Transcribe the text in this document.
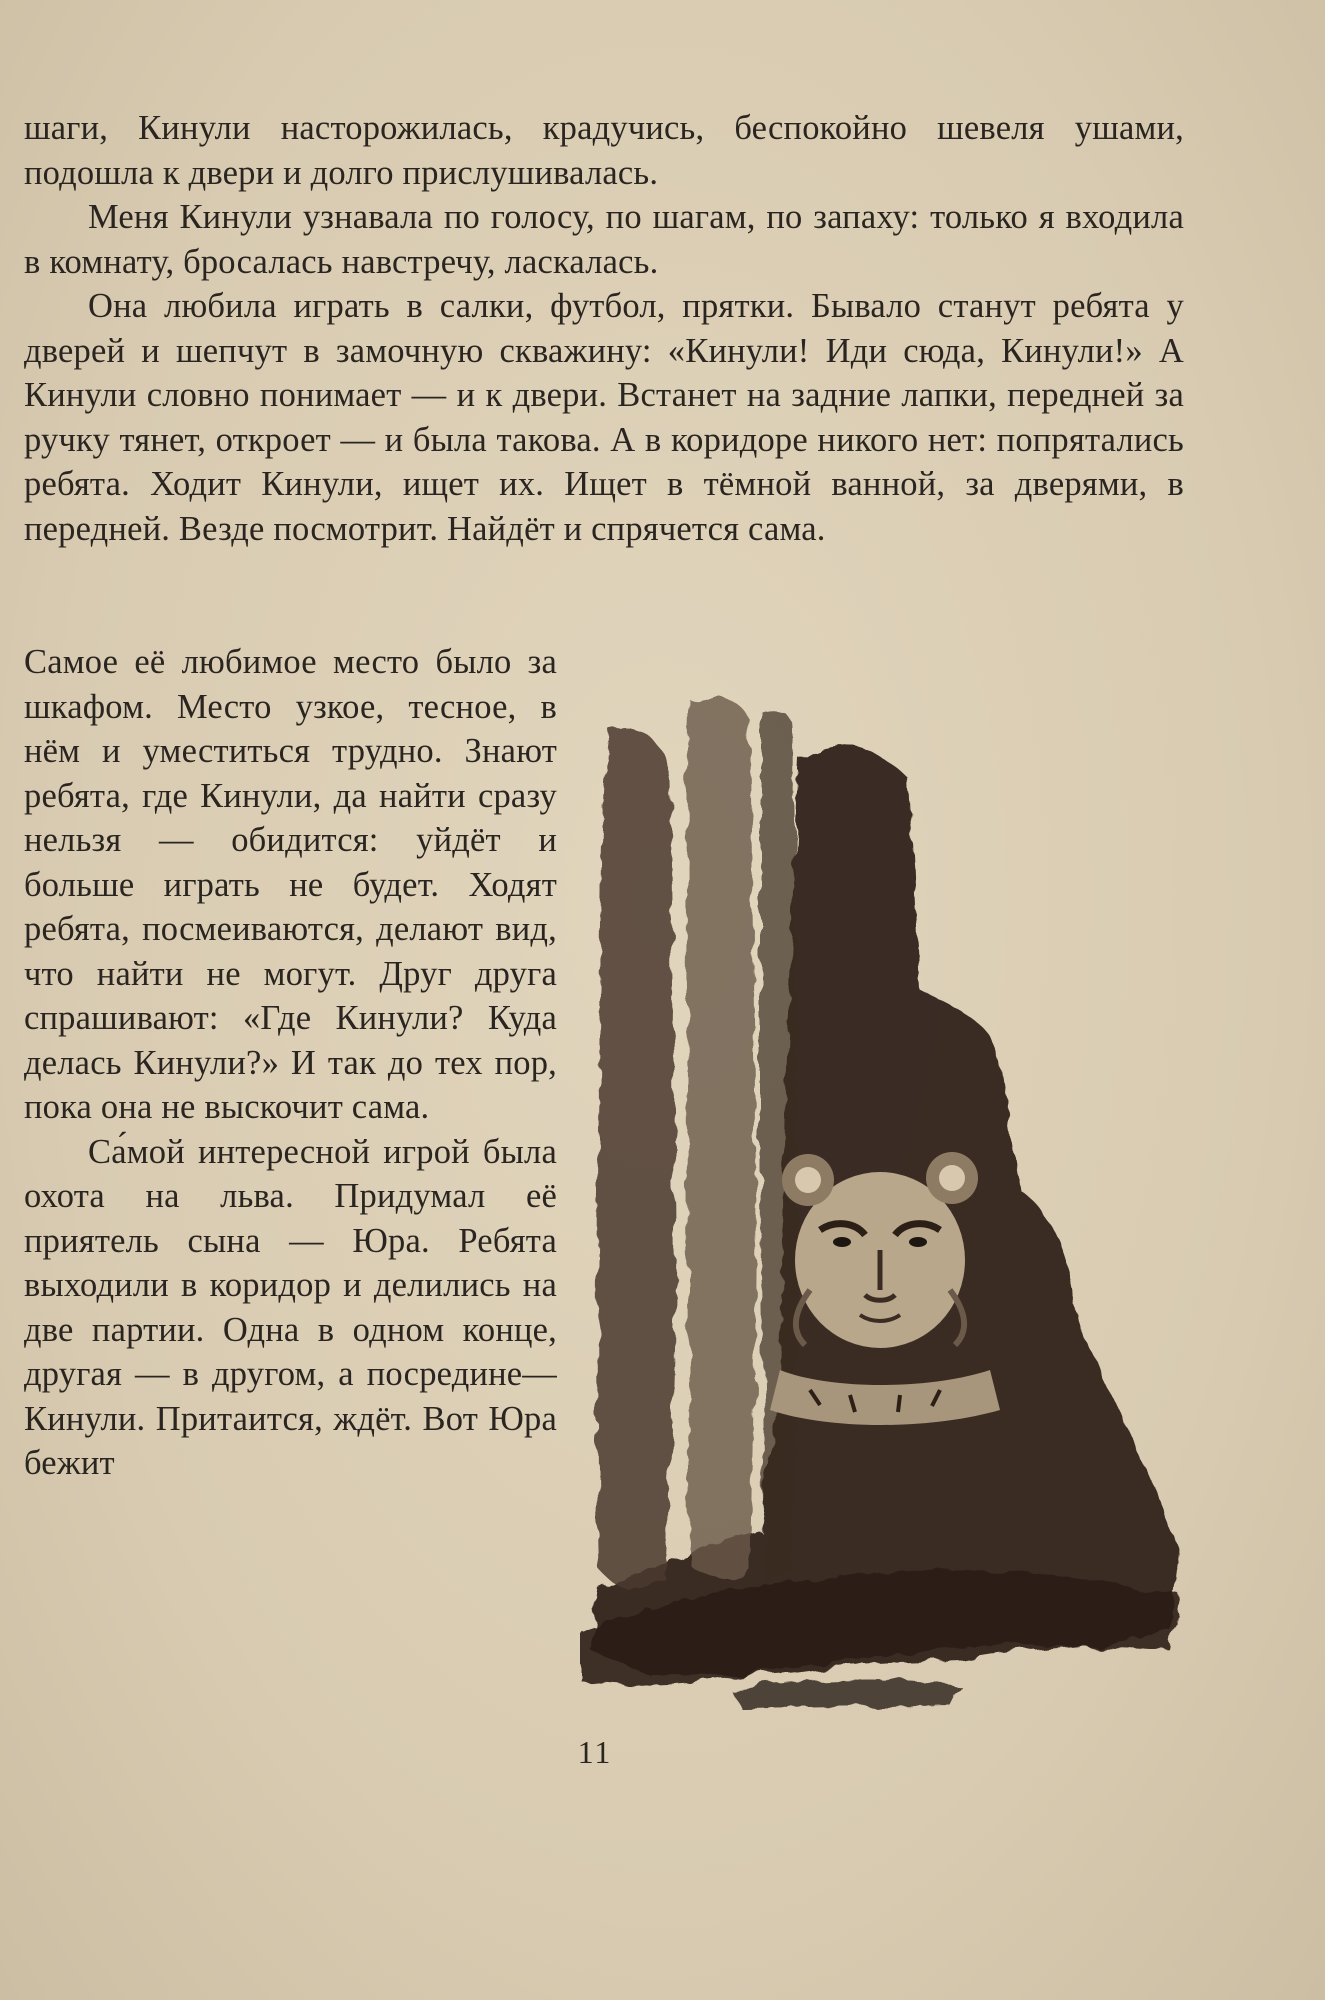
шаги, Кинули насторожилась, крадучись, беспокойно шевеля ушами, подошла к двери и долго прислушивалась.

Меня Кинули узнавала по голосу, по шагам, по запаху: только я входила в комнату, бросалась навстречу, ласкалась.

Она любила играть в салки, футбол, прятки. Бывало станут ребята у дверей и шепчут в замочную скважину: «Кинули! Иди сюда, Кинули!» А Кинули словно понимает — и к двери. Встанет на задние лапки, передней за ручку тянет, откроет — и была такова. А в коридоре никого нет: попрятались ребята. Ходит Кинули, ищет их. Ищет в тёмной ванной, за дверями, в передней. Везде посмотрит. Найдёт и спрячется сама.

Самое её любимое место было за шкафом. Место узкое, тесное, в нём и уместиться трудно. Знают ребята, где Кинули, да найти сразу нельзя — обидится: уйдёт и больше играть не будет. Ходят ребята, посмеиваются, делают вид, что найти не могут. Друг друга спрашивают: «Где Кинули? Куда делась Кинули?» И так до тех пор, пока она не выскочит сама.

Са́мой интересной игрой была охота на льва. Придумал её приятель сына — Юра. Ребята выходили в коридор и делились на две партии. Одна в одном конце, другая — в другом, а посредине—Кинули. Притаится, ждёт. Вот Юра бежит

11
